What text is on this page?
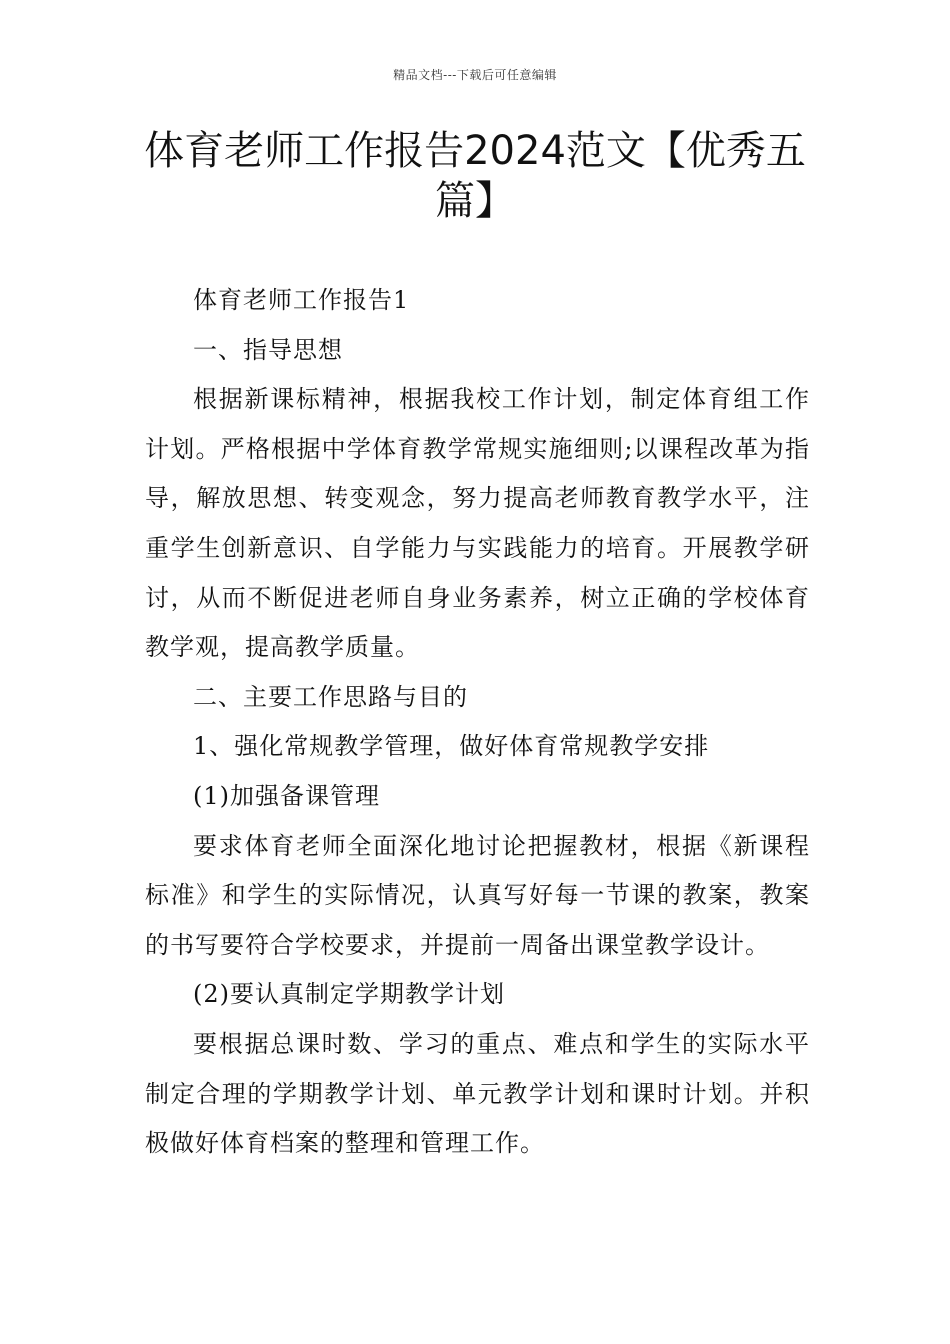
精品文档---下载后可任意编辑
体育老师工作报告2024范文【优秀五篇】

体育老师工作报告1

一、指导思想

根据新课标精神，根据我校工作计划，制定体育组工作计划。严格根据中学体育教学常规实施细则;以课程改革为指导，解放思想、转变观念，努力提高老师教育教学水平，注重学生创新意识、自学能力与实践能力的培育。开展教学研讨，从而不断促进老师自身业务素养，树立正确的学校体育教学观，提高教学质量。

二、主要工作思路与目的

1、强化常规教学管理，做好体育常规教学安排

(1)加强备课管理

要求体育老师全面深化地讨论把握教材，根据《新课程标准》和学生的实际情况，认真写好每一节课的教案，教案的书写要符合学校要求，并提前一周备出课堂教学设计。

(2)要认真制定学期教学计划

要根据总课时数、学习的重点、难点和学生的实际水平制定合理的学期教学计划、单元教学计划和课时计划。并积极做好体育档案的整理和管理工作。
